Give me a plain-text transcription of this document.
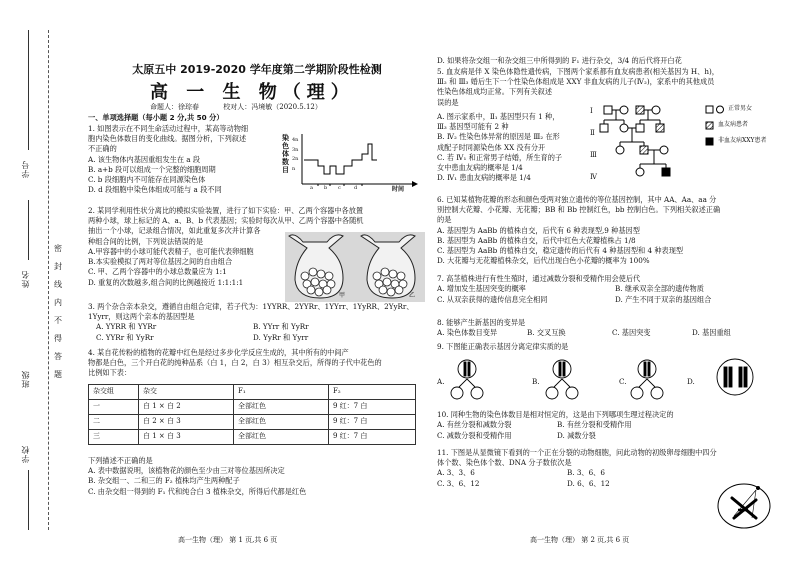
学号
姓名
班级
学校
密
封
线
内
不
得
答
题
太原五中 2019-2020 学年度第二学期阶段性检测
高 一 生 物（理）
命题人：徐琮春	校对人：冯境敏（2020.5.12）
一、单项选择题（每小题 2 分,共 50 分）
1. 如图表示在不同生命活动过程中，某高等动物细
胞内染色体数目的变化曲线。据图分析，下列叙述
不正确的
A. 该生物体内基因重组发生在 a 段
B. a+b 段可以组成一个完整的细胞周期
C. b 段细胞内不可能存在同源染色体
D. d 段细胞中染色体组成可能与 a 段不同
染色体数目
4n
3n
2n
n
a b c	d	时间
2. 某同学利用性状分离比的模拟实验装置，进行了如下实验：甲、乙两个容器中各放置
两种小球，球上标记的 A、a、B、b 代表基因；实验时每次从甲、乙两个容器中各随机
抽出一个小球，记录组合情况，如此重复多次并计算各
种组合间的比例，下列说法错误的是
A.甲容器中的小球可能代表精子，也可能代表卵细胞
B.本实验模拟了两对等位基因之间的自由组合
C. 甲、乙两个容器中的小球总数量应为 1:1
D. 重复的次数越多,组合间的比例越接近 1:1:1:1
甲	乙
3. 两个杂合亲本杂交，遵循自由组合定律，若子代为：1YYRR、2YYRr、1YYrr、1YyRR、2YyRr、
1Yyrr，则这两个亲本的基因型是
A. YYRR 和 YYRr	B. YYrr 和 YyRr
C. YYRr 和 YyRr	D. YyRr 和 Yyrr
4. 某自花传粉的植物的花瓣中红色是经过多步化学反应生成的，其中所有的中间产
物都是白色，三个开白花的纯种品系（白 1，白 2，白 3）相互杂交后，所得的子代中花色的
比例如下表：
杂交组	杂交	F₁	F₂
一	白 1 × 白 2	全部红色	9 红：7 白
二	白 2 × 白 3	全部红色	9 红：7 白
三	白 1 × 白 3	全部红色	9 红：7 白
下列描述不正确的是
A. 表中数据说明，该植物花的颜色至少由三对等位基因所决定
B. 杂交组一、二和三的 F₂ 植株均产生两种配子
C. 由杂交组一得到的 F₁ 代和纯合白 3 植株杂交，所得后代都是红色
高一生物（理） 第 1 页,共 6 页
D. 如果将杂交组一和杂交组三中所得到的 F₁ 进行杂交，3/4 的后代将开白花
5. 血友病是伴 X 染色体隐性遗传病，下图两个家系都有血友病患者(相关基因为 H、h)，
Ⅲ₂ 和 Ⅲ₃ 婚后生下一个性染色体组成是 XXY 非血友病的儿子(Ⅳ₂)，家系中的其他成员
性染色体组成均正常。下列有关叙述
误的是
A. 图示家系中，Ⅱ₁ 基因型只有 1 种，
Ⅲ₃ 基因型可能有 2 种
B. Ⅳ₂ 性染色体异常的原因是 Ⅲ₂ 在形
成配子时同源染色体 XX 没有分开
C. 若 Ⅳ₁ 和正常男子结婚，所生育的子
女中患血友病的概率是 1/4
D. Ⅳ₁ 患血友病的概率是 1/4
Ⅰ
Ⅱ
Ⅲ
Ⅳ
正常男女
血友病患者
非血友病XXY患者
6. 已知某植物花瓣的形态和颜色受两对独立遗传的等位基因控制，其中 AA、Aa、aa 分
别控制大花瓣、小花瓣、无花瓣；BB 和 Bb 控制红色，bb 控制白色。下列相关叙述正确
的是
A. 基因型为 AaBb 的植株自交，后代有 6 种表现型,9 种基因型
B. 基因型为 AaBb 的植株自交，后代中红色大花瓣植株占 1/8
C. 基因型为 AaBb 的植株自交，稳定遗传的后代有 4 种基因型和 4 种表现型
D. 大花瓣与无花瓣植株杂交，后代出现白色小花瓣的概率为 100%
7. 高茎植株进行有性生殖时，通过减数分裂和受精作用会使后代
A. 增加发生基因突变的概率	B. 继承双亲全部的遗传物质
C. 从双亲获得的遗传信息完全相同	D. 产生不同于双亲的基因组合
8. 能够产生新基因的变异是
A. 染色体数目变异	B. 交叉互换	C. 基因突变	D. 基因重组
9. 下图能正确表示基因分离定律实质的是
A.	B.	C.	D.
10. 同种生物的染色体数目是相对恒定的，这是由下列哪项生理过程决定的
A. 有丝分裂和减数分裂	B. 有丝分裂和受精作用
C. 减数分裂和受精作用	D. 减数分裂
11. 下图是从显微镜下看到的一个正在分裂的动物细胞，问此动物的初级卵母细胞中四分
体个数、染色体个数、DNA 分子数依次是
A. 3、3、6	B. 3、6、6
C. 3、6、12	D. 6、6、12
高一生物（理） 第 2 页,共 6 页
